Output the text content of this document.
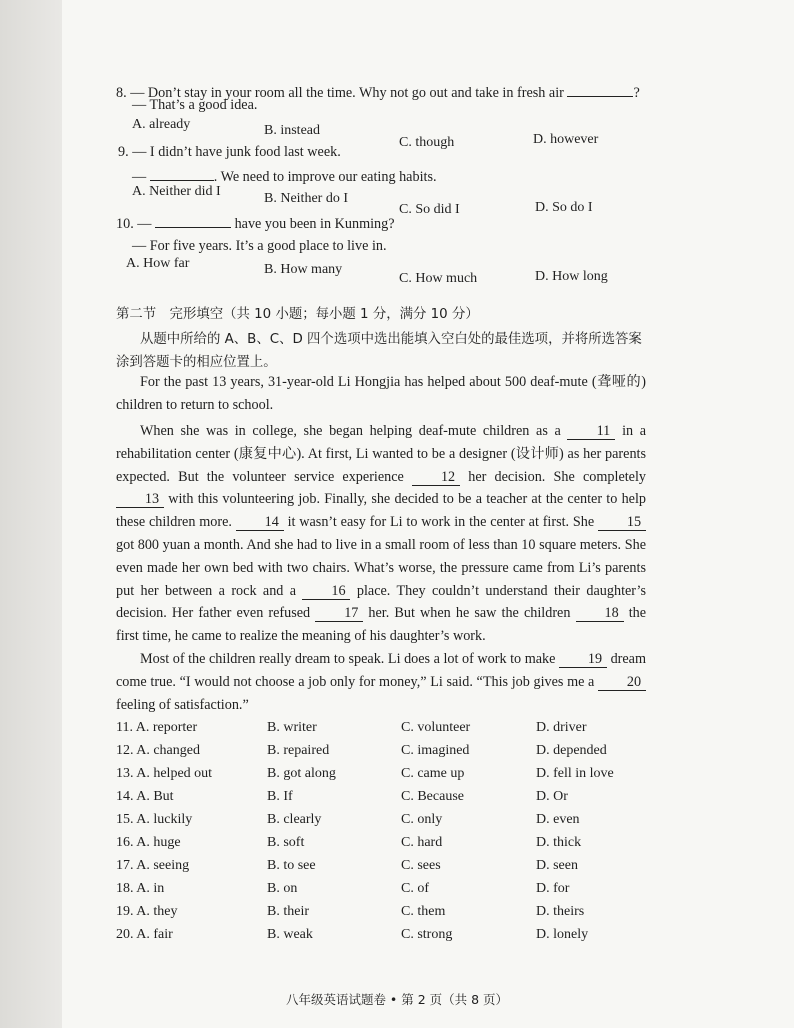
8. — Don’t stay in your room all the time. Why not go out and take in fresh air	?
— That’s a good idea.
A. already	B. instead
C. though	D. however
9. — I didn’t have junk food last week.
—	. We need to improve our eating habits.
A. Neither did I	B. Neither do I
C. So did I	D. So do I
10. —	have you been in Kunming?
— For five years. It’s a good place to live in.
A. How far	B. How many
C. How much	D. How long
第二节　完形填空（共 10 小题；每小题 1 分，满分 10 分）
从题中所给的 A、B、C、D 四个选项中选出能填入空白处的最佳选项，并将所选答案
涂到答题卡的相应位置上。
For the past 13 years, 31-year-old Li Hongjia has helped about 500 deaf-mute (聋哑的) children to return to school.
When she was in college, she began helping deaf-mute children as a	11 in a rehabilitation center (康复中心). At first, Li wanted to be a designer (设计师) as her parents expected. But the volunteer service experience	12 her decision. She completely 13 with this volunteering job. Finally, she decided to be a teacher at the center to help these children more. 14 it wasn’t easy for Li to work in the center at first. She 15 got 800 yuan a month. And she had to live in a small room of less than 10 square meters. She even made her own bed with two chairs. What’s worse, the pressure came from Li’s parents put her between a rock and a 16 place. They couldn’t understand their daughter’s decision. Her father even refused 17 her. But when he saw the children 18 the first time, he came to realize the meaning of his daughter’s work.
Most of the children really dream to speak. Li does a lot of work to make 19 dream come true. “I would not choose a job only for money,” Li said. “This job gives me a 20 feeling of satisfaction.”
11. A. reporter	B. writer	C. volunteer	D. driver
12. A. changed	B. repaired	C. imagined	D. depended
13. A. helped out	B. got along	C. came up	D. fell in love
14. A. But	B. If	C. Because	D. Or
15. A. luckily	B. clearly	C. only	D. even
16. A. huge	B. soft	C. hard	D. thick
17. A. seeing	B. to see	C. sees	D. seen
18. A. in	B. on	C. of	D. for
19. A. they	B. their	C. them	D. theirs
20. A. fair	B. weak	C. strong	D. lonely
八年级英语试题卷 • 第 2 页（共 8 页）
